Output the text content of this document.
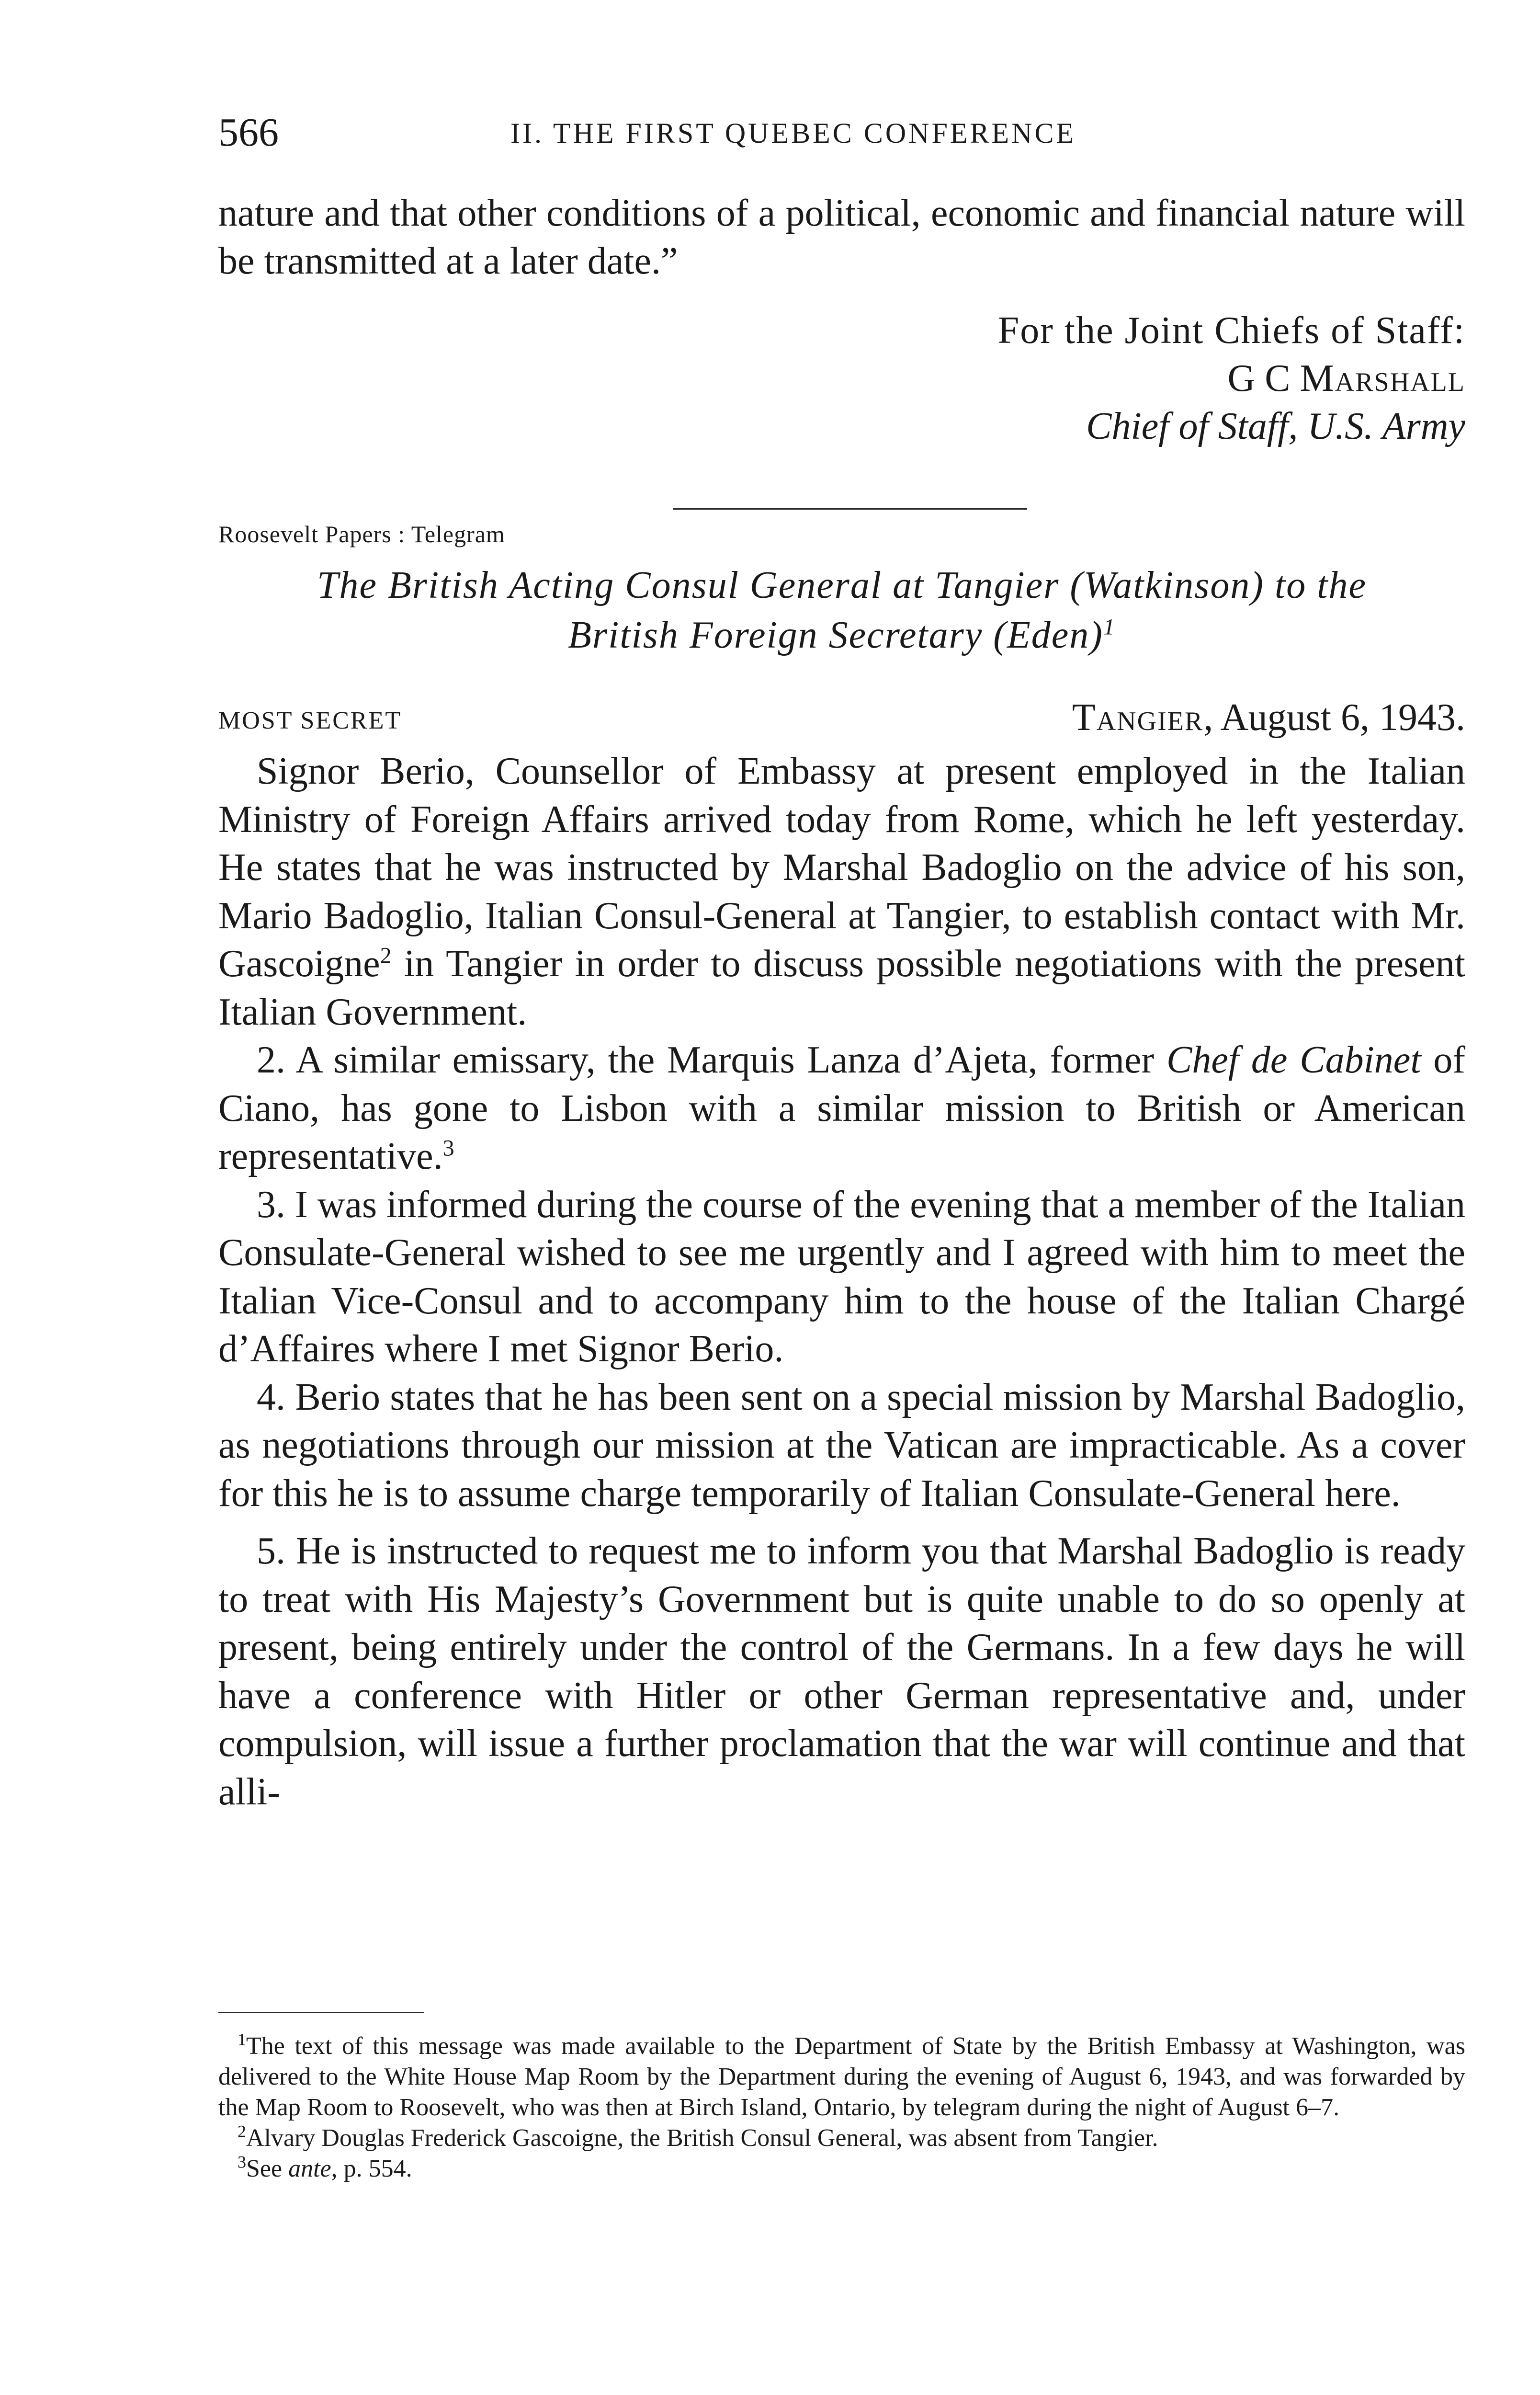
566	II. THE FIRST QUEBEC CONFERENCE

nature and that other conditions of a political, economic and financial nature will be transmitted at a later date.”

For the Joint Chiefs of Staff:

G C Marshall

Chief of Staff, U.S. Army

Roosevelt Papers : Telegram
The British Acting Consul General at Tangier (Watkinson) to the
British Foreign Secretary (Eden)$^1$
MOST SECRET	Tangier, August 6, 1943.

Signor Berio, Counsellor of Embassy at present employed in the Italian Ministry of Foreign Affairs arrived today from Rome, which he left yesterday. He states that he was instructed by Marshal Badoglio on the advice of his son, Mario Badoglio, Italian Consul-General at Tangier, to establish contact with Mr. Gascoigne$^2$ in Tangier in order to discuss possible negotiations with the present Italian Government.

2. A similar emissary, the Marquis Lanza d’Ajeta, former Chef de Cabinet of Ciano, has gone to Lisbon with a similar mission to British or American representative.$^3$

3. I was informed during the course of the evening that a member of the Italian Consulate-General wished to see me urgently and I agreed with him to meet the Italian Vice-Consul and to accompany him to the house of the Italian Chargé d’Affaires where I met Signor Berio.

4. Berio states that he has been sent on a special mission by Marshal Badoglio, as negotiations through our mission at the Vatican are impracticable. As a cover for this he is to assume charge temporarily of Italian Consulate-General here.

5. He is instructed to request me to inform you that Marshal Badoglio is ready to treat with His Majesty’s Government but is quite unable to do so openly at present, being entirely under the control of the Germans. In a few days he will have a conference with Hitler or other German representative and, under compulsion, will issue a further proclamation that the war will continue and that alli-

$^1$The text of this message was made available to the Department of State by the British Embassy at Washington, was delivered to the White House Map Room by the Department during the evening of August 6, 1943, and was forwarded by the Map Room to Roosevelt, who was then at Birch Island, Ontario, by telegram during the night of August 6–7.

$^2$Alvary Douglas Frederick Gascoigne, the British Consul General, was absent from Tangier.

$^3$See ante, p. 554.
